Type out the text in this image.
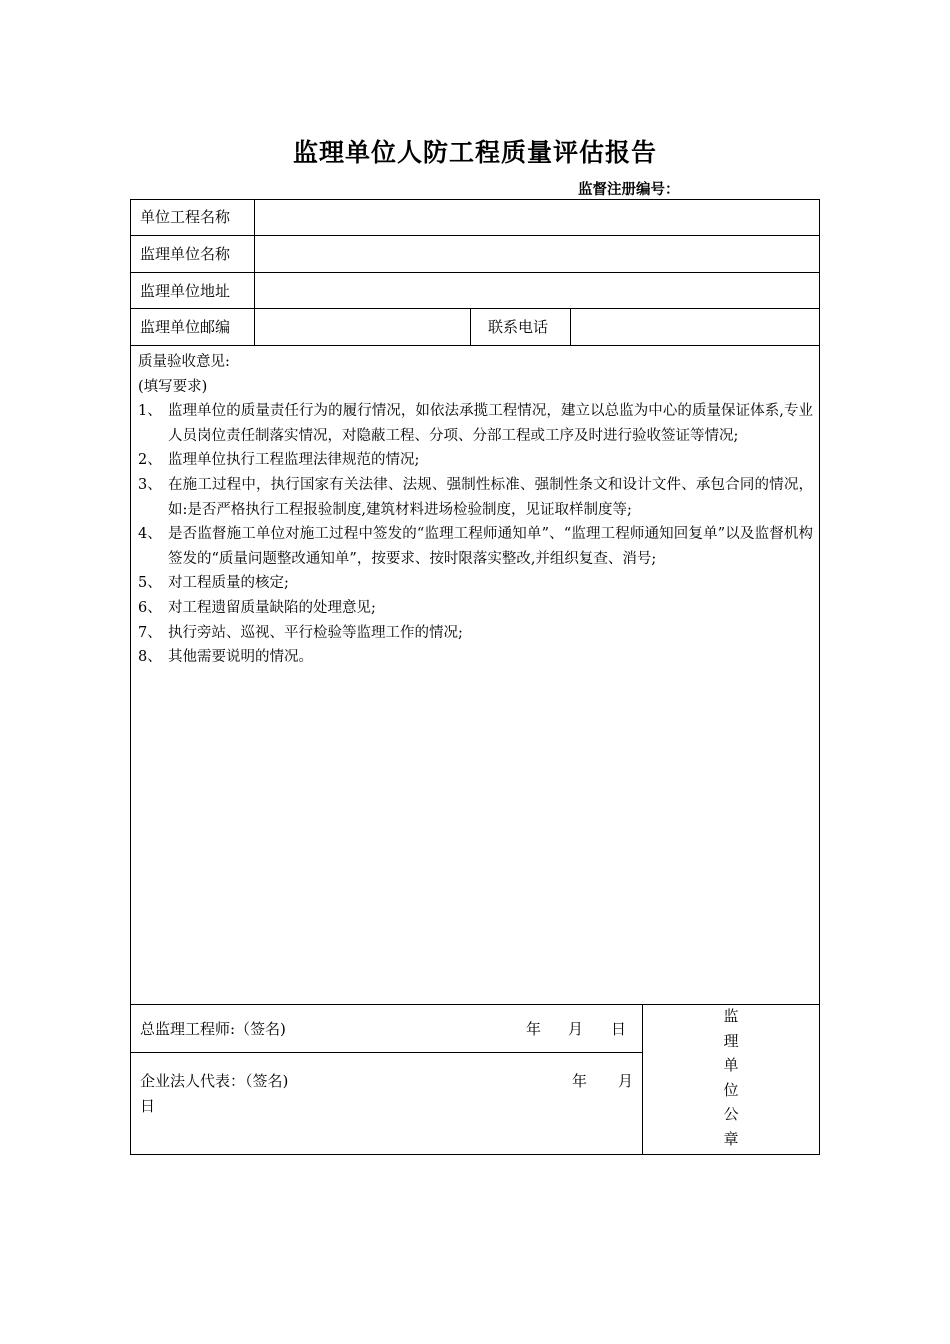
监理单位人防工程质量评估报告
监督注册编号：
单位工程名称
监理单位名称
监理单位地址
监理单位邮编	联系电话
质量验收意见:
(填写要求)
1、 监理单位的质量责任行为的履行情况，如依法承揽工程情况，建立以总监为中心的质量保证体系,专业人员岗位责任制落实情况，对隐蔽工程、分项、分部工程或工序及时进行验收签证等情况;
2、 监理单位执行工程监理法律规范的情况;
3、 在施工过程中，执行国家有关法律、法规、强制性标准、强制性条文和设计文件、承包合同的情况，如:是否严格执行工程报验制度,建筑材料进场检验制度，见证取样制度等;
4、 是否监督施工单位对施工过程中签发的“监理工程师通知单”、“监理工程师通知回复单”以及监督机构签发的“质量问题整改通知单”，按要求、按时限落实整改,并组织复查、消号;
5、 对工程质量的核定;
6、 对工程遗留质量缺陷的处理意见;
7、 执行旁站、巡视、平行检验等监理工作的情况;
8、 其他需要说明的情况。
总监理工程师:（签名)	年 月 日
企业法人代表：（签名)	年 月
日
监
理
单
位
公
章
